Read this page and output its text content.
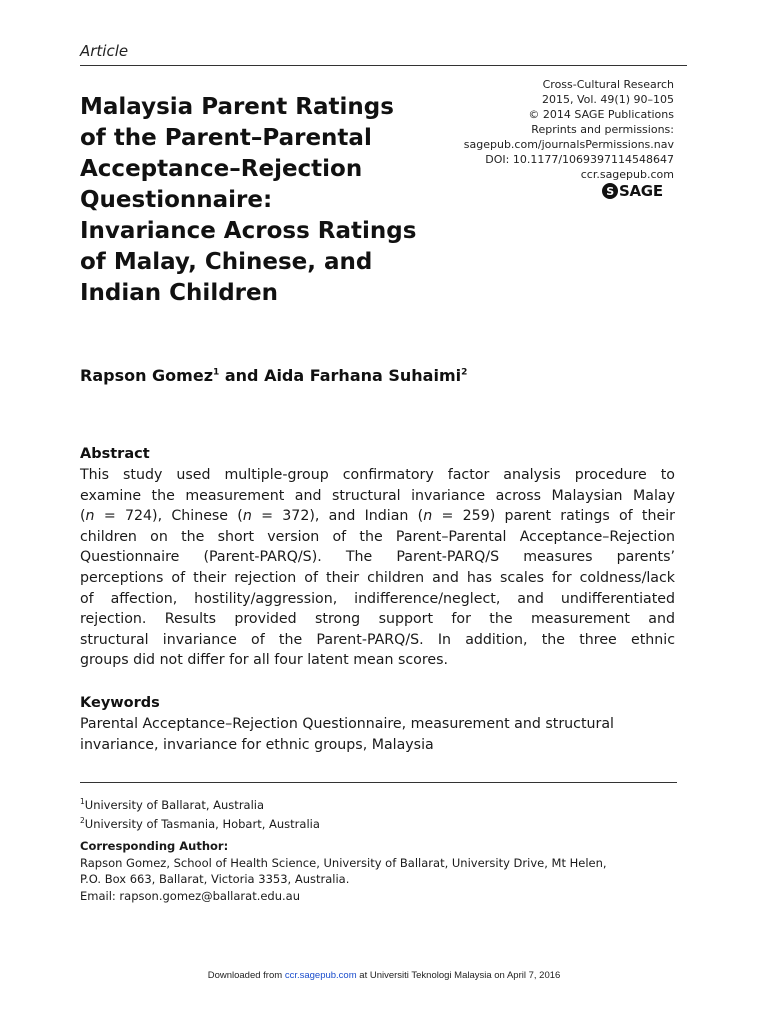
Article
Malaysia Parent Ratings
of the Parent–Parental
Acceptance–Rejection
Questionnaire:
Invariance Across Ratings
of Malay, Chinese, and
Indian Children
Cross-Cultural Research
2015, Vol. 49(1) 90–105
© 2014 SAGE Publications
Reprints and permissions:
sagepub.com/journalsPermissions.nav
DOI: 10.1177/1069397114548647
ccr.sagepub.com
S SAGE
Rapson Gomez$^1$ and Aida Farhana Suhaimi$^2$
Abstract
This study used multiple-group confirmatory factor analysis procedure to
examine the measurement and structural invariance across Malaysian Malay
(n = 724), Chinese (n = 372), and Indian (n = 259) parent ratings of their
children on the short version of the Parent–Parental Acceptance–Rejection
Questionnaire (Parent-PARQ/S). The Parent-PARQ/S measures parents’
perceptions of their rejection of their children and has scales for coldness/lack
of affection, hostility/aggression, indifference/neglect, and undifferentiated
rejection. Results provided strong support for the measurement and
structural invariance of the Parent-PARQ/S. In addition, the three ethnic
groups did not differ for all four latent mean scores.
Keywords
Parental Acceptance–Rejection Questionnaire, measurement and structural
invariance, invariance for ethnic groups, Malaysia
$^1$University of Ballarat, Australia
$^2$University of Tasmania, Hobart, Australia
Corresponding Author:
Rapson Gomez, School of Health Science, University of Ballarat, University Drive, Mt Helen,
P.O. Box 663, Ballarat, Victoria 3353, Australia.
Email: rapson.gomez@ballarat.edu.au
Downloaded from ccr.sagepub.com at Universiti Teknologi Malaysia on April 7, 2016
